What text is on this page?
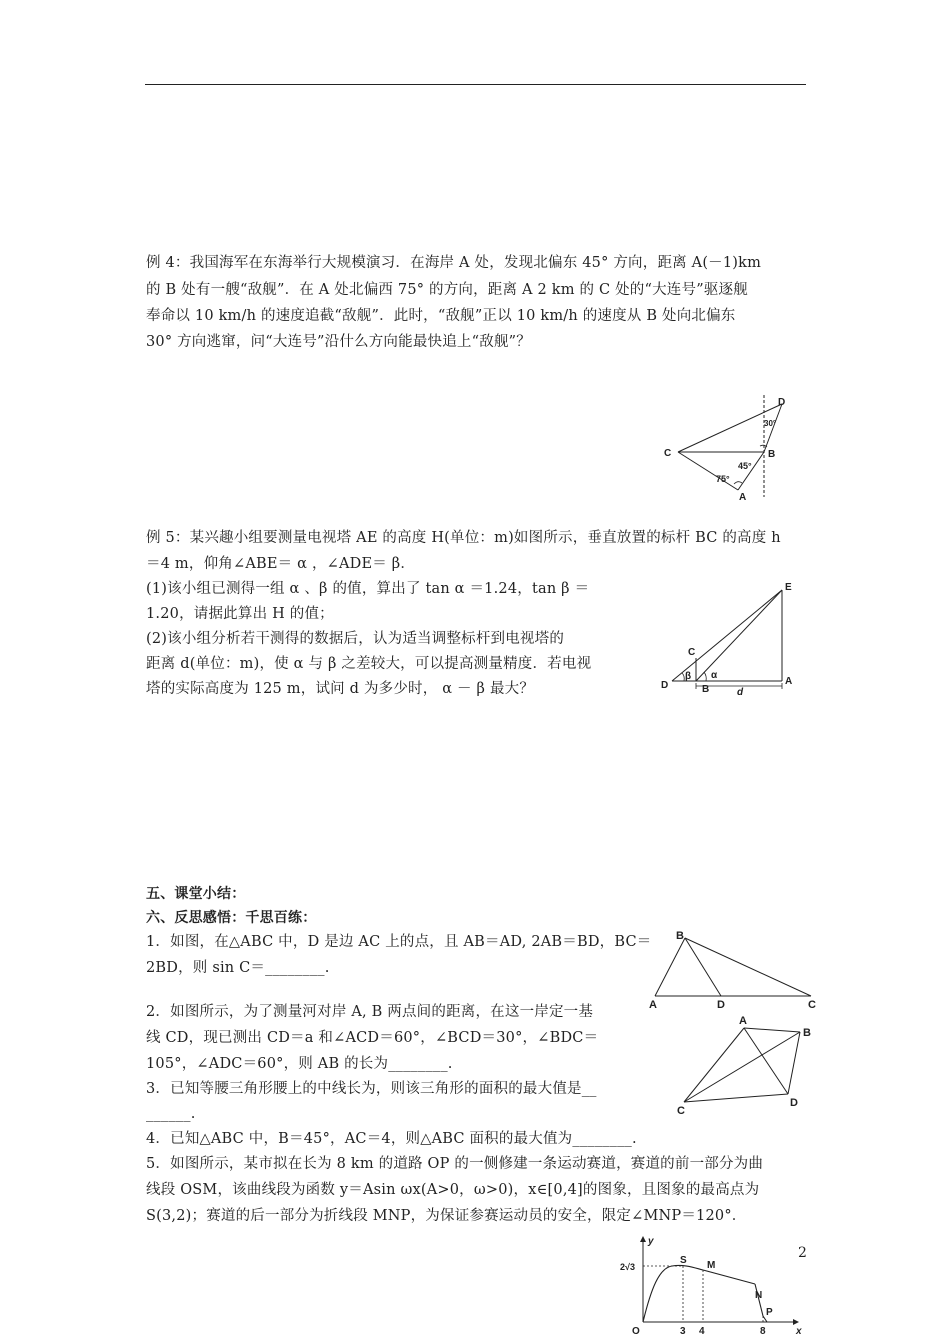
例 4：我国海军在东海举行大规模演习．在海岸 A 处，发现北偏东 45° 方向，距离 A(－1)km
的 B 处有一艘“敌舰”．在 A 处北偏西 75° 的方向，距离 A 2 km 的 C 处的“大连号”驱逐舰
奉命以 10 km/h 的速度追截“敌舰”．此时，“敌舰”正以 10 km/h 的速度从 B 处向北偏东
30° 方向逃窜，问“大连号”沿什么方向能最快追上“敌舰”？
D
C	B
A
30°
45°
75°
例 5：某兴趣小组要测量电视塔 AE 的高度 H(单位：m)如图所示，垂直放置的标杆 BC 的高度 h
＝4 m，仰角∠ABE＝ α ，∠ADE＝ β．
(1)该小组已测得一组 α 、β 的值，算出了 tan α ＝1.24，tan β ＝
1.20，请据此算出 H 的值；
(2)该小组分析若干测得的数据后，认为适当调整标杆到电视塔的
距离 d(单位：m)，使 α 与 β 之差较大，可以提高测量精度．若电视
塔的实际高度为 125 m，试问 d 为多少时， α － β 最大？
E
C
D	B
A
α
β
d
五、课堂小结：
六、反思感悟：千思百练：
1．如图，在△ABC 中，D 是边 AC 上的点，且 AB＝AD, 2AB＝BD，BC＝
2BD，则 sin C＝________.
2．如图所示，为了测量河对岸 A, B 两点间的距离，在这一岸定一基
线 CD，现已测出 CD＝a 和∠ACD＝60°，∠BCD＝30°，∠BDC＝
105°，∠ADC＝60°，则 AB 的长为________.
3．已知等腰三角形腰上的中线长为，则该三角形的面积的最大值是__
______.
4．已知△ABC 中，B＝45°，AC＝4，则△ABC 面积的最大值为________.
5．如图所示，某市拟在长为 8 km 的道路 OP 的一侧修建一条运动赛道，赛道的前一部分为曲
线段 OSM，该曲线段为函数 y＝Asin ωx(A>0，ω>0)，x∈[0,4]的图象，且图象的最高点为
S(3,2)；赛道的后一部分为折线段 MNP，为保证参赛运动员的安全，限定∠MNP＝120°．
B
A	D	C
A
B
C
D
y
x
O
S M
N
P
2√3
3 4	8
2
